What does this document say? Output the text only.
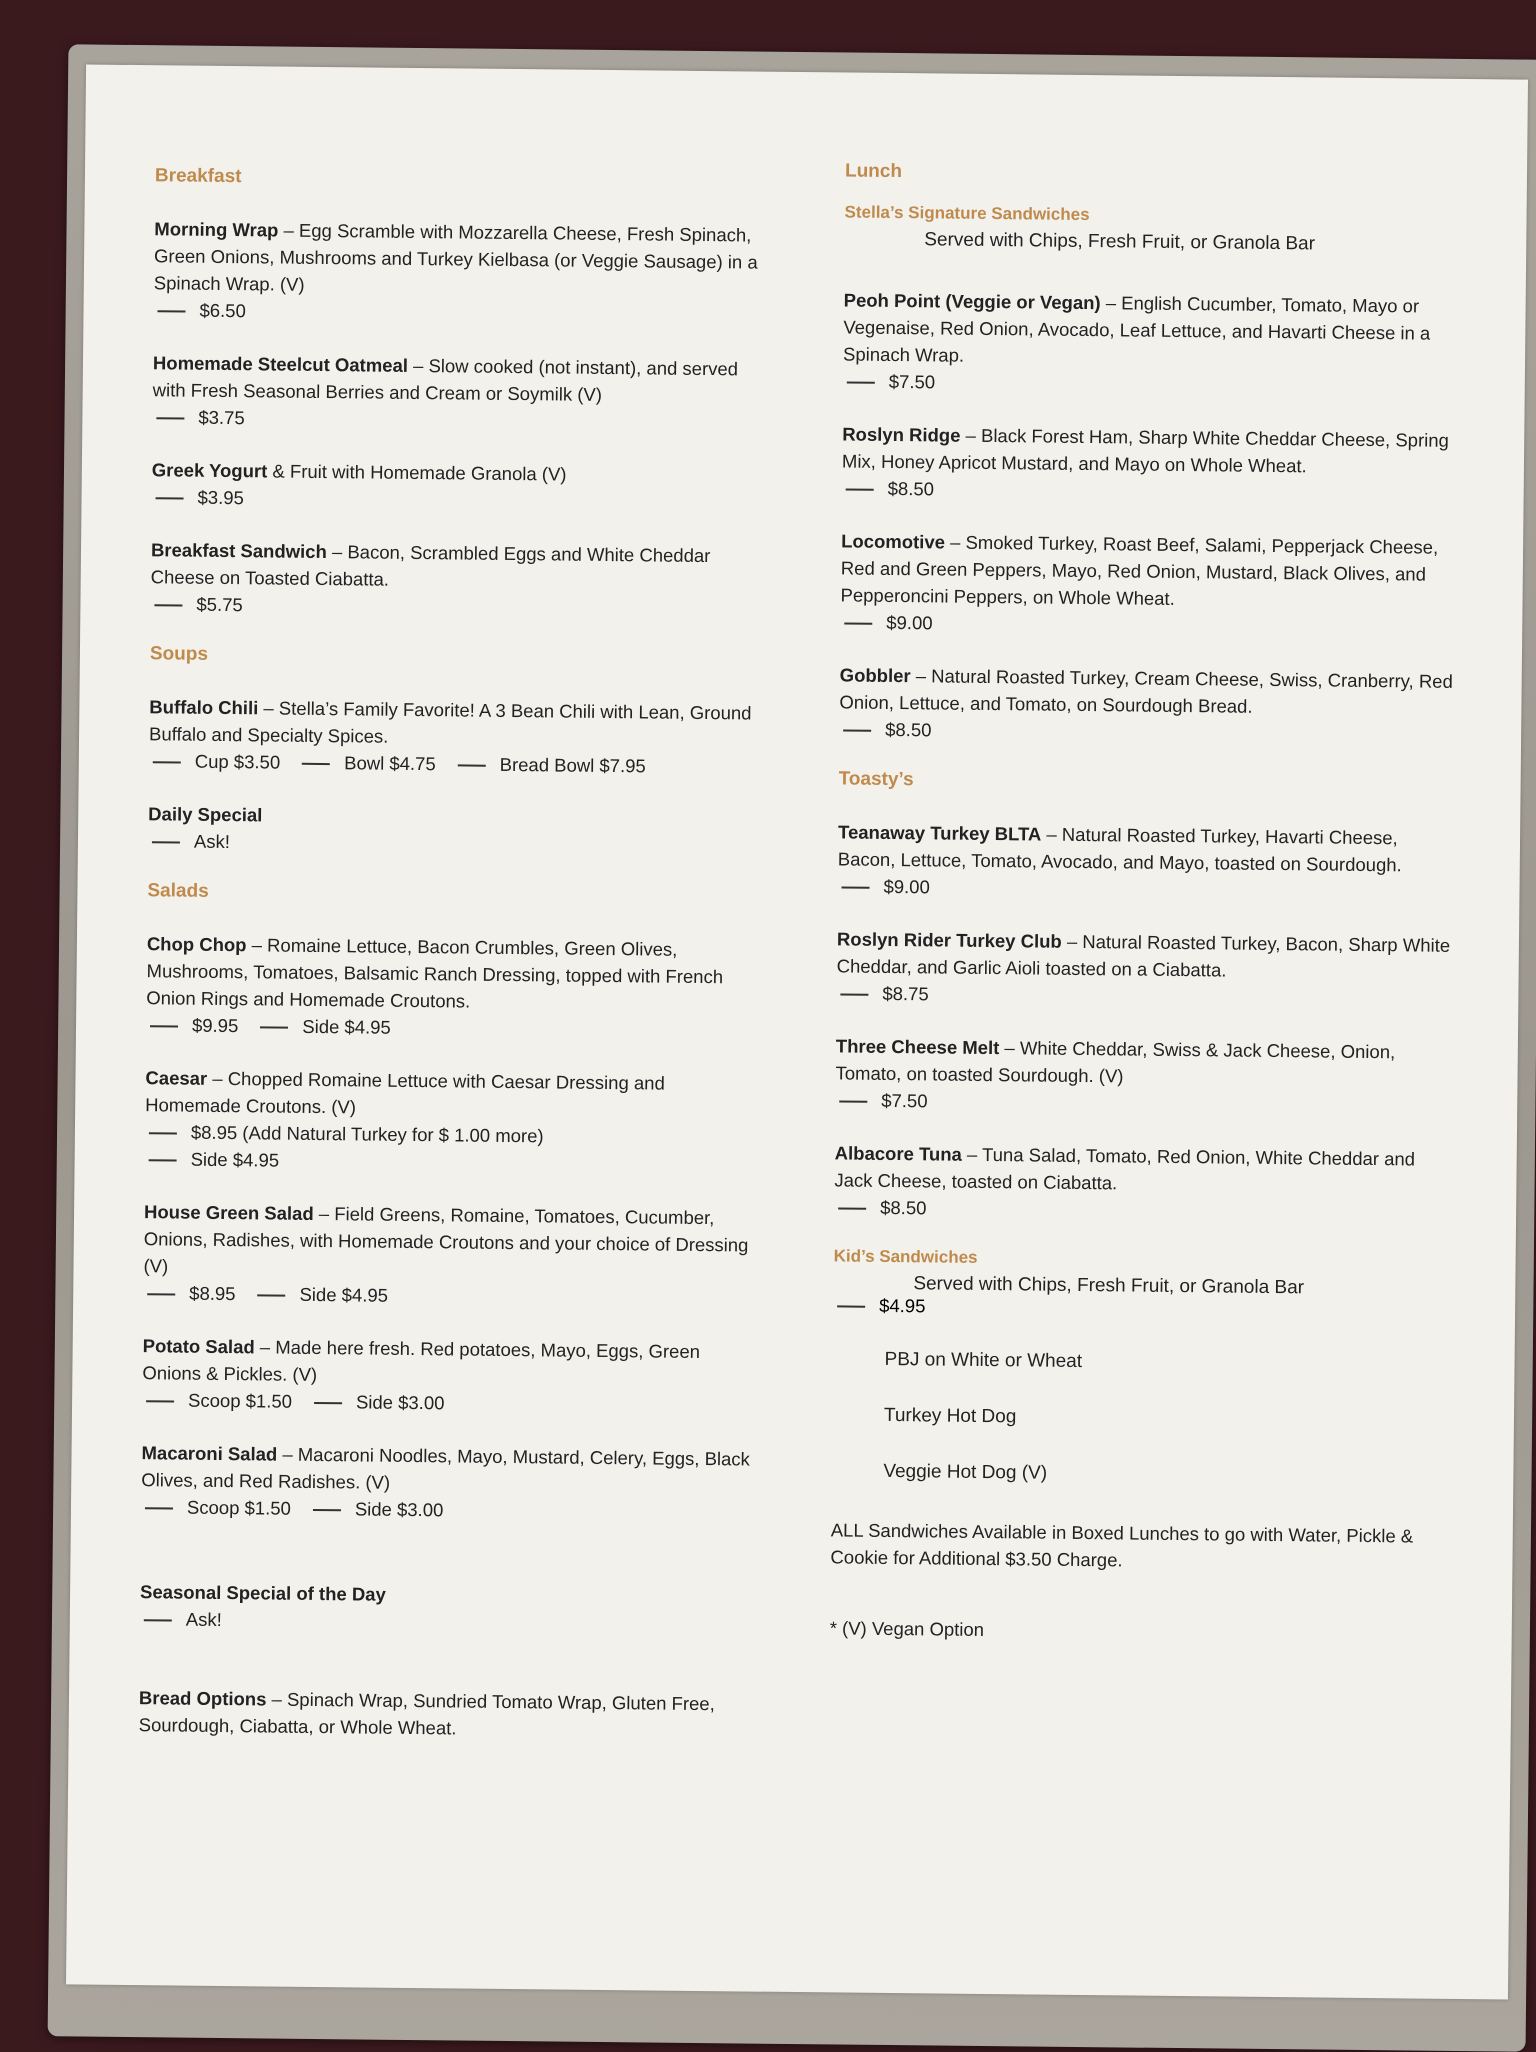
Breakfast
Morning Wrap – Egg Scramble with Mozzarella Cheese, Fresh Spinach, Green Onions, Mushrooms and Turkey Kielbasa (or Veggie Sausage) in a Spinach Wrap. (V)
$6.50
Homemade Steelcut Oatmeal – Slow cooked (not instant), and served with Fresh Seasonal Berries and Cream or Soymilk (V)
$3.75
Greek Yogurt & Fruit with Homemade Granola (V)
$3.95
Breakfast Sandwich – Bacon, Scrambled Eggs and White Cheddar Cheese on Toasted Ciabatta.
$5.75
Soups
Buffalo Chili – Stella’s Family Favorite! A 3 Bean Chili with Lean, Ground Buffalo and Specialty Spices.
Cup $3.50	Bowl $4.75	Bread Bowl $7.95
Daily Special
Ask!
Salads
Chop Chop – Romaine Lettuce, Bacon Crumbles, Green Olives, Mushrooms, Tomatoes, Balsamic Ranch Dressing, topped with French Onion Rings and Homemade Croutons.
$9.95	Side $4.95
Caesar – Chopped Romaine Lettuce with Caesar Dressing and Homemade Croutons. (V)
$8.95 (Add Natural Turkey for $ 1.00 more)
Side $4.95
House Green Salad – Field Greens, Romaine, Tomatoes, Cucumber, Onions, Radishes, with Homemade Croutons and your choice of Dressing (V)
$8.95	Side $4.95
Potato Salad – Made here fresh. Red potatoes, Mayo, Eggs, Green Onions & Pickles. (V)
Scoop $1.50	Side $3.00
Macaroni Salad – Macaroni Noodles, Mayo, Mustard, Celery, Eggs, Black Olives, and Red Radishes. (V)
Scoop $1.50	Side $3.00
Seasonal Special of the Day
Ask!
Bread Options – Spinach Wrap, Sundried Tomato Wrap, Gluten Free, Sourdough, Ciabatta, or Whole Wheat.
Lunch
Stella’s Signature Sandwiches
Served with Chips, Fresh Fruit, or Granola Bar
Peoh Point (Veggie or Vegan) – English Cucumber, Tomato, Mayo or Vegenaise, Red Onion, Avocado, Leaf Lettuce, and Havarti Cheese in a Spinach Wrap.
$7.50
Roslyn Ridge – Black Forest Ham, Sharp White Cheddar Cheese, Spring Mix, Honey Apricot Mustard, and Mayo on Whole Wheat.
$8.50
Locomotive – Smoked Turkey, Roast Beef, Salami, Pepperjack Cheese, Red and Green Peppers, Mayo, Red Onion, Mustard, Black Olives, and Pepperoncini Peppers, on Whole Wheat.
$9.00
Gobbler – Natural Roasted Turkey, Cream Cheese, Swiss, Cranberry, Red Onion, Lettuce, and Tomato, on Sourdough Bread.
$8.50
Toasty’s
Teanaway Turkey BLTA – Natural Roasted Turkey, Havarti Cheese, Bacon, Lettuce, Tomato, Avocado, and Mayo, toasted on Sourdough.
$9.00
Roslyn Rider Turkey Club – Natural Roasted Turkey, Bacon, Sharp White Cheddar, and Garlic Aioli toasted on a Ciabatta.
$8.75
Three Cheese Melt – White Cheddar, Swiss & Jack Cheese, Onion, Tomato, on toasted Sourdough. (V)
$7.50
Albacore Tuna – Tuna Salad, Tomato, Red Onion, White Cheddar and Jack Cheese, toasted on Ciabatta.
$8.50
Kid’s Sandwiches
Served with Chips, Fresh Fruit, or Granola Bar
$4.95
PBJ on White or Wheat
Turkey Hot Dog
Veggie Hot Dog (V)
ALL Sandwiches Available in Boxed Lunches to go with Water, Pickle & Cookie for Additional $3.50 Charge.
* (V) Vegan Option
